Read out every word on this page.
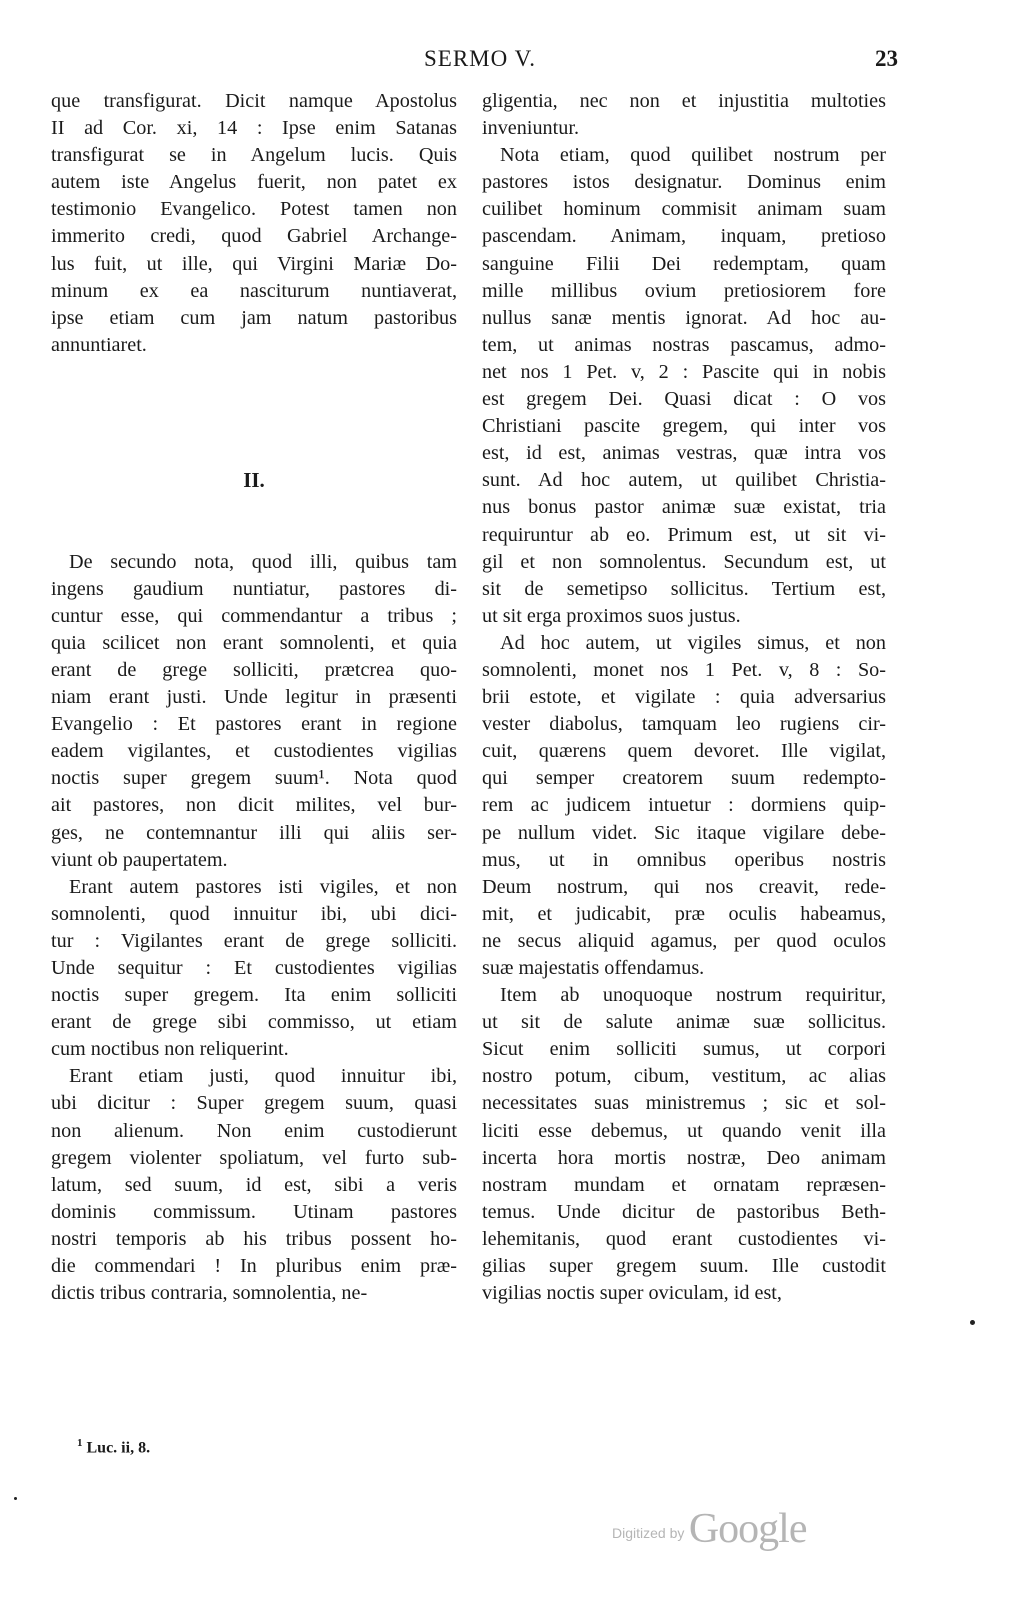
SERMO V.	23
que transfigurat. Dicit namque Apostolus
II ad Cor. xi, 14 : Ipse enim Satanas
transfigurat se in Angelum lucis. Quis
autem iste Angelus fuerit, non patet ex
testimonio Evangelico. Potest tamen non
immerito credi, quod Gabriel Archange-
lus fuit, ut ille, qui Virgini Mariæ Do-
minum ex ea nasciturum nuntiaverat,
ipse etiam cum jam natum pastoribus
annuntiaret.
II.
De secundo nota, quod illi, quibus tam
ingens gaudium nuntiatur, pastores di-
cuntur esse, qui commendantur a tribus ;
quia scilicet non erant somnolenti, et quia
erant de grege solliciti, prætcrea quo-
niam erant justi. Unde legitur in præsenti
Evangelio : Et pastores erant in regione
eadem vigilantes, et custodientes vigilias
noctis super gregem suum¹. Nota quod
ait pastores, non dicit milites, vel bur-
ges, ne contemnantur illi qui aliis ser-
viunt ob paupertatem.
Erant autem pastores isti vigiles, et non
somnolenti, quod innuitur ibi, ubi dici-
tur : Vigilantes erant de grege solliciti.
Unde sequitur : Et custodientes vigilias
noctis super gregem. Ita enim solliciti
erant de grege sibi commisso, ut etiam
cum noctibus non reliquerint.
Erant etiam justi, quod innuitur ibi,
ubi dicitur : Super gregem suum, quasi
non alienum. Non enim custodierunt
gregem violenter spoliatum, vel furto sub-
latum, sed suum, id est, sibi a veris
dominis commissum. Utinam pastores
nostri temporis ab his tribus possent ho-
die commendari ! In pluribus enim præ-
dictis tribus contraria, somnolentia, ne-
gligentia, nec non et injustitia multoties
inveniuntur.
Nota etiam, quod quilibet nostrum per
pastores istos designatur. Dominus enim
cuilibet hominum commisit animam suam
pascendam. Animam, inquam, pretioso
sanguine Filii Dei redemptam, quam
mille millibus ovium pretiosiorem fore
nullus sanæ mentis ignorat. Ad hoc au-
tem, ut animas nostras pascamus, admo-
net nos 1 Pet. v, 2 : Pascite qui in nobis
est gregem Dei. Quasi dicat : O vos
Christiani pascite gregem, qui inter vos
est, id est, animas vestras, quæ intra vos
sunt. Ad hoc autem, ut quilibet Christia-
nus bonus pastor animæ suæ existat, tria
requiruntur ab eo. Primum est, ut sit vi-
gil et non somnolentus. Secundum est, ut
sit de semetipso sollicitus. Tertium est,
ut sit erga proximos suos justus.
Ad hoc autem, ut vigiles simus, et non
somnolenti, monet nos 1 Pet. v, 8 : So-
brii estote, et vigilate : quia adversarius
vester diabolus, tamquam leo rugiens cir-
cuit, quærens quem devoret. Ille vigilat,
qui semper creatorem suum redempto-
rem ac judicem intuetur : dormiens quip-
pe nullum videt. Sic itaque vigilare debe-
mus, ut in omnibus operibus nostris
Deum nostrum, qui nos creavit, rede-
mit, et judicabit, præ oculis habeamus,
ne secus aliquid agamus, per quod oculos
suæ majestatis offendamus.
Item ab unoquoque nostrum requiritur,
ut sit de salute animæ suæ sollicitus.
Sicut enim solliciti sumus, ut corpori
nostro potum, cibum, vestitum, ac alias
necessitates suas ministremus ; sic et sol-
liciti esse debemus, ut quando venit illa
incerta hora mortis nostræ, Deo animam
nostram mundam et ornatam repræsen-
temus. Unde dicitur de pastoribus Beth-
lehemitanis, quod erant custodientes vi-
gilias super gregem suum. Ille custodit
vigilias noctis super oviculam, id est,
$^1$ Luc. ii, 8.
Digitized by Google
